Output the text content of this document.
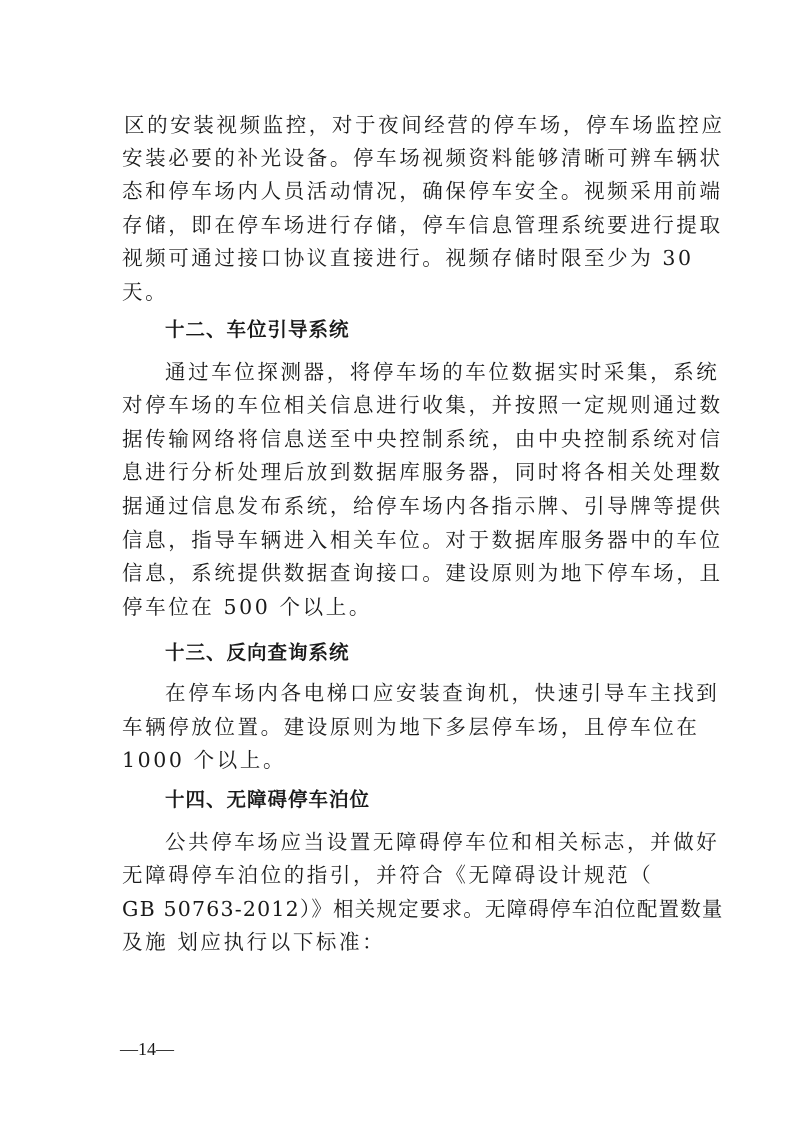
区的安装视频监控，对于夜间经营的停车场，停车场监控应
安装必要的补光设备。停车场视频资料能够清晰可辨车辆状
态和停车场内人员活动情况，确保停车安全。视频采用前端
存储，即在停车场进行存储，停车信息管理系统要进行提取
视频可通过接口协议直接进行。视频存储时限至少为 30
天。
十二、车位引导系统
通过车位探测器，将停车场的车位数据实时采集，系统
对停车场的车位相关信息进行收集，并按照一定规则通过数
据传输网络将信息送至中央控制系统，由中央控制系统对信
息进行分析处理后放到数据库服务器，同时将各相关处理数
据通过信息发布系统，给停车场内各指示牌、引导牌等提供
信息，指导车辆进入相关车位。对于数据库服务器中的车位
信息，系统提供数据查询接口。建设原则为地下停车场，且
停车位在 500 个以上。
十三、反向查询系统
在停车场内各电梯口应安装查询机，快速引导车主找到
车辆停放位置。建设原则为地下多层停车场，且停车位在
1000 个以上。
十四、无障碍停车泊位
公共停车场应当设置无障碍停车位和相关标志，并做好
无障碍停车泊位的指引，并符合《无障碍设计规范（
GB 50763-2012）》相关规定要求。无障碍停车泊位配置数量
及施 划应执行以下标准：
—14—
